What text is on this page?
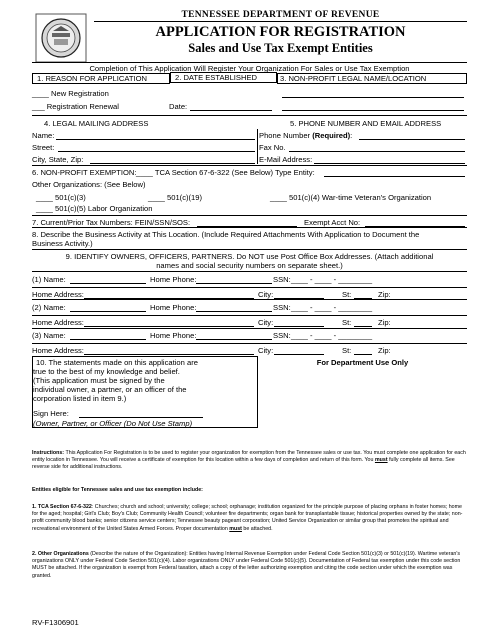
TENNESSEE DEPARTMENT OF REVENUE
APPLICATION FOR REGISTRATION
Sales and Use Tax Exempt Entities
Completion of This Application Will Register Your Organization For Sales or Use Tax Exemption
1. REASON FOR APPLICATION	2. DATE ESTABLISHED	3. NON-PROFIT LEGAL NAME/LOCATION
____ New Registration
___ Registration Renewal	Date:
4. LEGAL MAILING ADDRESS	5. PHONE NUMBER AND EMAIL ADDRESS
Name:
Street:
City, State, Zip:
Phone Number (Required):
Fax No.
E-Mail Address:
6. NON-PROFIT EXEMPTION: ____ TCA Section 67-6-322 (See Below) Type Entity:
Other Organizations: (See Below)
____ 501(c)(3)	____ 501(c)(19)	____ 501(c)(4) War-time Veteran's Organization
____ 501(c)(5) Labor Organization
7. Current/Prior Tax Numbers: FEIN/SSN/SOS:	Exempt Acct No:
8. Describe the Business Activity at This Location. (Include Required Attachments With Application to Document the
Business Activity.)
9. IDENTIFY OWNERS, OFFICERS, PARTNERS. Do NOT use Post Office Box Addresses. (Attach additional
names and social security numbers on separate sheet.)
(1) Name:	Home Phone:	SSN: ____ - ____ - ________
Home Address:	City:	St:	Zip:
(2) Name:	Home Phone:	SSN: ____ - ____ - ________
Home Address:	City:	St:	Zip:
(3) Name:	Home Phone:	SSN: ____ - ____ - ________
Home Address:	City:	St:	Zip:
10. The statements made on this application are
true to the best of my knowledge and belief.
(This application must be signed by the
individual owner, a partner, or an officer of the
corporation listed in item 9.)
Sign Here:
(Owner, Partner, or Officer (Do Not Use Stamp)
For Department Use Only
Instructions: This Application For Registration is to be used to register your organization for exemption from the Tennessee sales or use tax. You must complete one application for each entity location in Tennessee. You will receive a certificate of exemption for this location within a few days of completion and return of this form. You must fully complete all items. See reverse side for additional instructions.
Entities eligible for Tennessee sales and use tax exemption include:
1. TCA Section 67-6-322: Churches; church and school; university; college; school; orphanage; institution organized for the principle purpose of placing orphans in foster homes; home for the aged; hospital; Girl's Club; Boy's Club; Community Health Council; volunteer fire departments; organ bank for transplantable tissue; historical properties owned by the state; non-profit community blood banks; senior citizens service centers; Tennessee beauty pageant corporation; United Service Organization or similar group that promotes the spiritual and recreational environment of the United States Armed Forces. Proper documentation must be attached.
2. Other Organizations (Describe the nature of the Organization): Entities having Internal Revenue Exemption under Federal Code Section 501(c)(3) or 501(c)(19). Wartime veteran's organizations ONLY under Federal Code Section 501(c)(4). Labor organizations ONLY under Federal Code 501(c)(5). Documentation of Federal tax exemption under this code section MUST be attached. If the organization is exempt from Federal taxation, attach a copy of the letter authorizing exemption and citing the code section under which the exemption was granted.
RV-F1306901
